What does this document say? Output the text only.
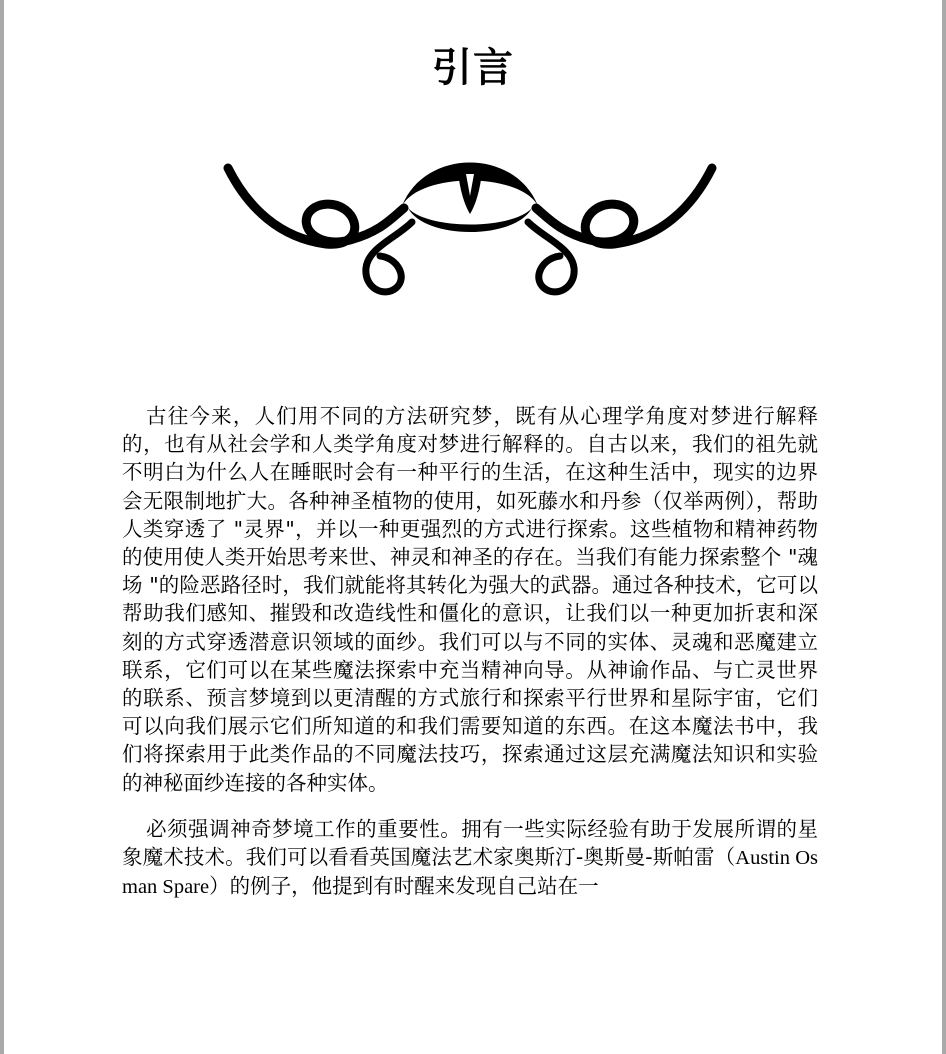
引言

古往今来，人们用不同的方法研究梦，既有从心理学角度对梦进行解释的，也有从社会学和人类学角度对梦进行解释的。自古以来，我们的祖先就不明白为什么人在睡眠时会有一种平行的生活，在这种生活中，现实的边界会无限制地扩大。各种神圣植物的使用，如死藤水和丹参（仅举两例），帮助人类穿透了 "灵界"，并以一种更强烈的方式进行探索。这些植物和精神药物的使用使人类开始思考来世、神灵和神圣的存在。当我们有能力探索整个 "魂场 "的险恶路径时，我们就能将其转化为强大的武器。通过各种技术，它可以帮助我们感知、摧毁和改造线性和僵化的意识，让我们以一种更加折衷和深刻的方式穿透潜意识领域的面纱。我们可以与不同的实体、灵魂和恶魔建立联系，它们可以在某些魔法探索中充当精神向导。从神谕作品、与亡灵世界的联系、预言梦境到以更清醒的方式旅行和探索平行世界和星际宇宙，它们可以向我们展示它们所知道的和我们需要知道的东西。在这本魔法书中，我们将探索用于此类作品的不同魔法技巧，探索通过这层充满魔法知识和实验的神秘面纱连接的各种实体。

必须强调神奇梦境工作的重要性。拥有一些实际经验有助于发展所谓的星象魔术技术。我们可以看看英国魔法艺术家奥斯汀-奥斯曼-斯帕雷（Austin Osman Spare）的例子，他提到有时醒来发现自己站在一
